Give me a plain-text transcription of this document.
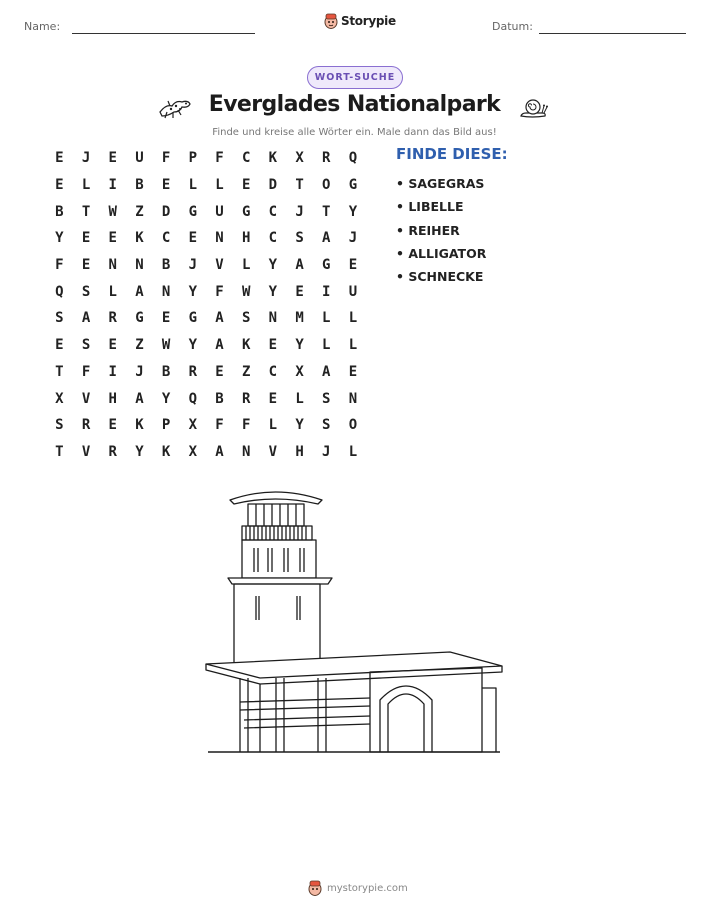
Name:	Storypie	Datum:
WORT-SUCHE
Everglades Nationalpark
Finde und kreise alle Wörter ein. Male dann das Bild aus!
E	J	E	U	F	P	F	C	K	X	R	Q
E	L	I	B	E	L	L	E	D	T	O	G
B	T	W	Z	D	G	U	G	C	J	T	Y
Y	E	E	K	C	E	N	H	C	S	A	J
F	E	N	N	B	J	V	L	Y	A	G	E
Q	S	L	A	N	Y	F	W	Y	E	I	U
S	A	R	G	E	G	A	S	N	M	L	L
E	S	E	Z	W	Y	A	K	E	Y	L	L
T	F	I	J	B	R	E	Z	C	X	A	E
X	V	H	A	Y	Q	B	R	E	L	S	N
S	R	E	K	P	X	F	F	L	Y	S	O
T	V	R	Y	K	X	A	N	V	H	J	L
FINDE DIESE:
• SAGEGRAS
• LIBELLE
• REIHER
• ALLIGATOR
• SCHNECKE
mystorypie.com
